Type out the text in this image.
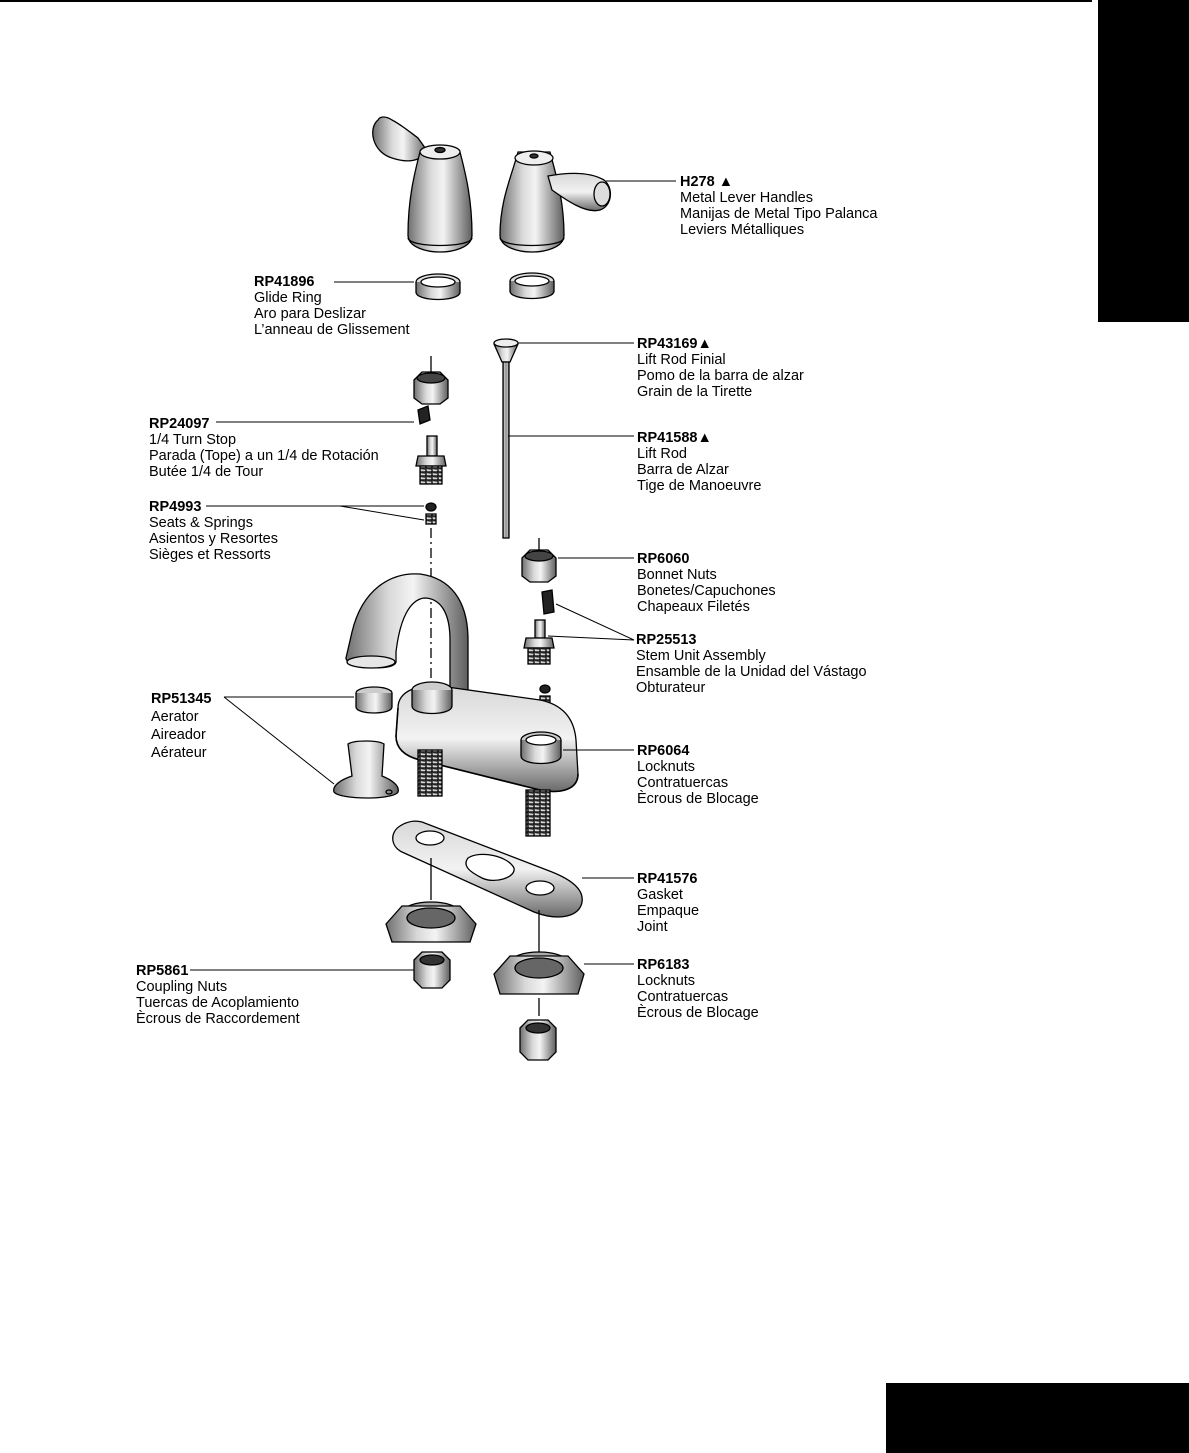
H278 ▲
Metal Lever Handles
Manijas de Metal Tipo Palanca
Leviers Métalliques
RP41896
Glide Ring
Aro para Deslizar
L’anneau de Glissement
RP43169▲
Lift Rod Finial
Pomo de la barra de alzar
Grain de la Tirette
RP24097
1/4 Turn Stop
Parada (Tope) a un 1/4 de Rotación
Butée 1/4 de Tour
RP41588▲
Lift Rod
Barra de Alzar
Tige de Manoeuvre
RP4993
Seats & Springs
Asientos y Resortes
Sièges et Ressorts	RP6060
Bonnet Nuts
Bonetes/Capuchones
Chapeaux Filetés
RP25513
Stem Unit Assembly
Ensamble de la Unidad del Vástago
Obturateur
RP51345
Aerator
Aireador
Aérateur	RP6064
Locknuts
Contratuercas
Ècrous de Blocage
RP41576
Gasket
Empaque
Joint
RP5861
Coupling Nuts
Tuercas de Acoplamiento
Ècrous de Raccordement
RP6183
Locknuts
Contratuercas
Ècrous de Blocage
